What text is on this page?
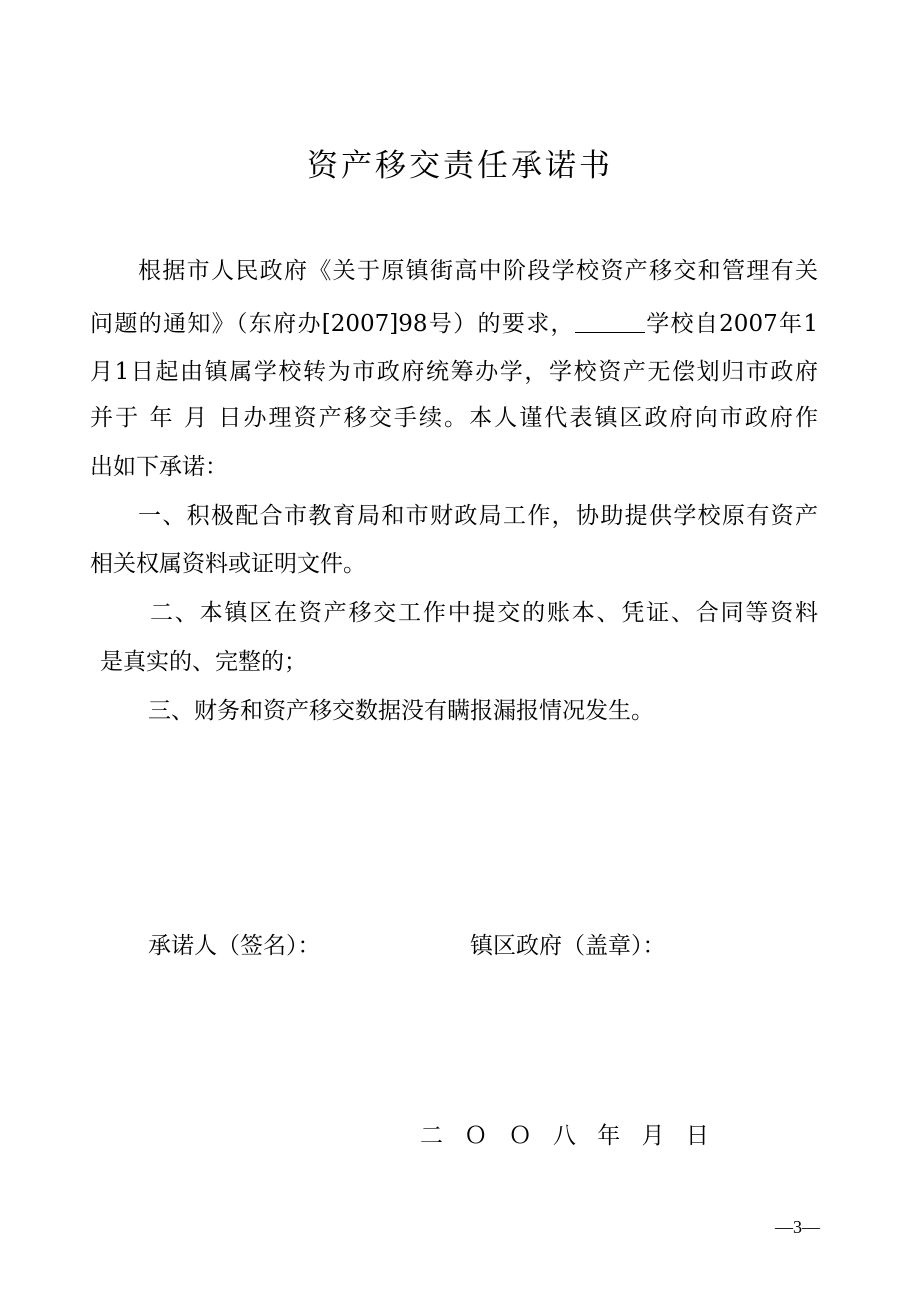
资产移交责任承诺书
根据市人民政府《关于原镇街高中阶段学校资产移交和管理有关
问题的通知》（东府办[2007]98号）的要求，	学校自2007年1
月1日起由镇属学校转为市政府统筹办学，学校资产无偿划归市政府
并于 年 月 日办理资产移交手续。本人谨代表镇区政府向市政府作
出如下承诺：
一、积极配合市教育局和市财政局工作，协助提供学校原有资产
相关权属资料或证明文件。
二、本镇区在资产移交工作中提交的账本、凭证、合同等资料
是真实的、完整的；
三、财务和资产移交数据没有瞒报漏报情况发生。
承诺人（签名）：	镇区政府（盖章）：
二 Ｏ Ｏ 八 年 月 日
—3—
